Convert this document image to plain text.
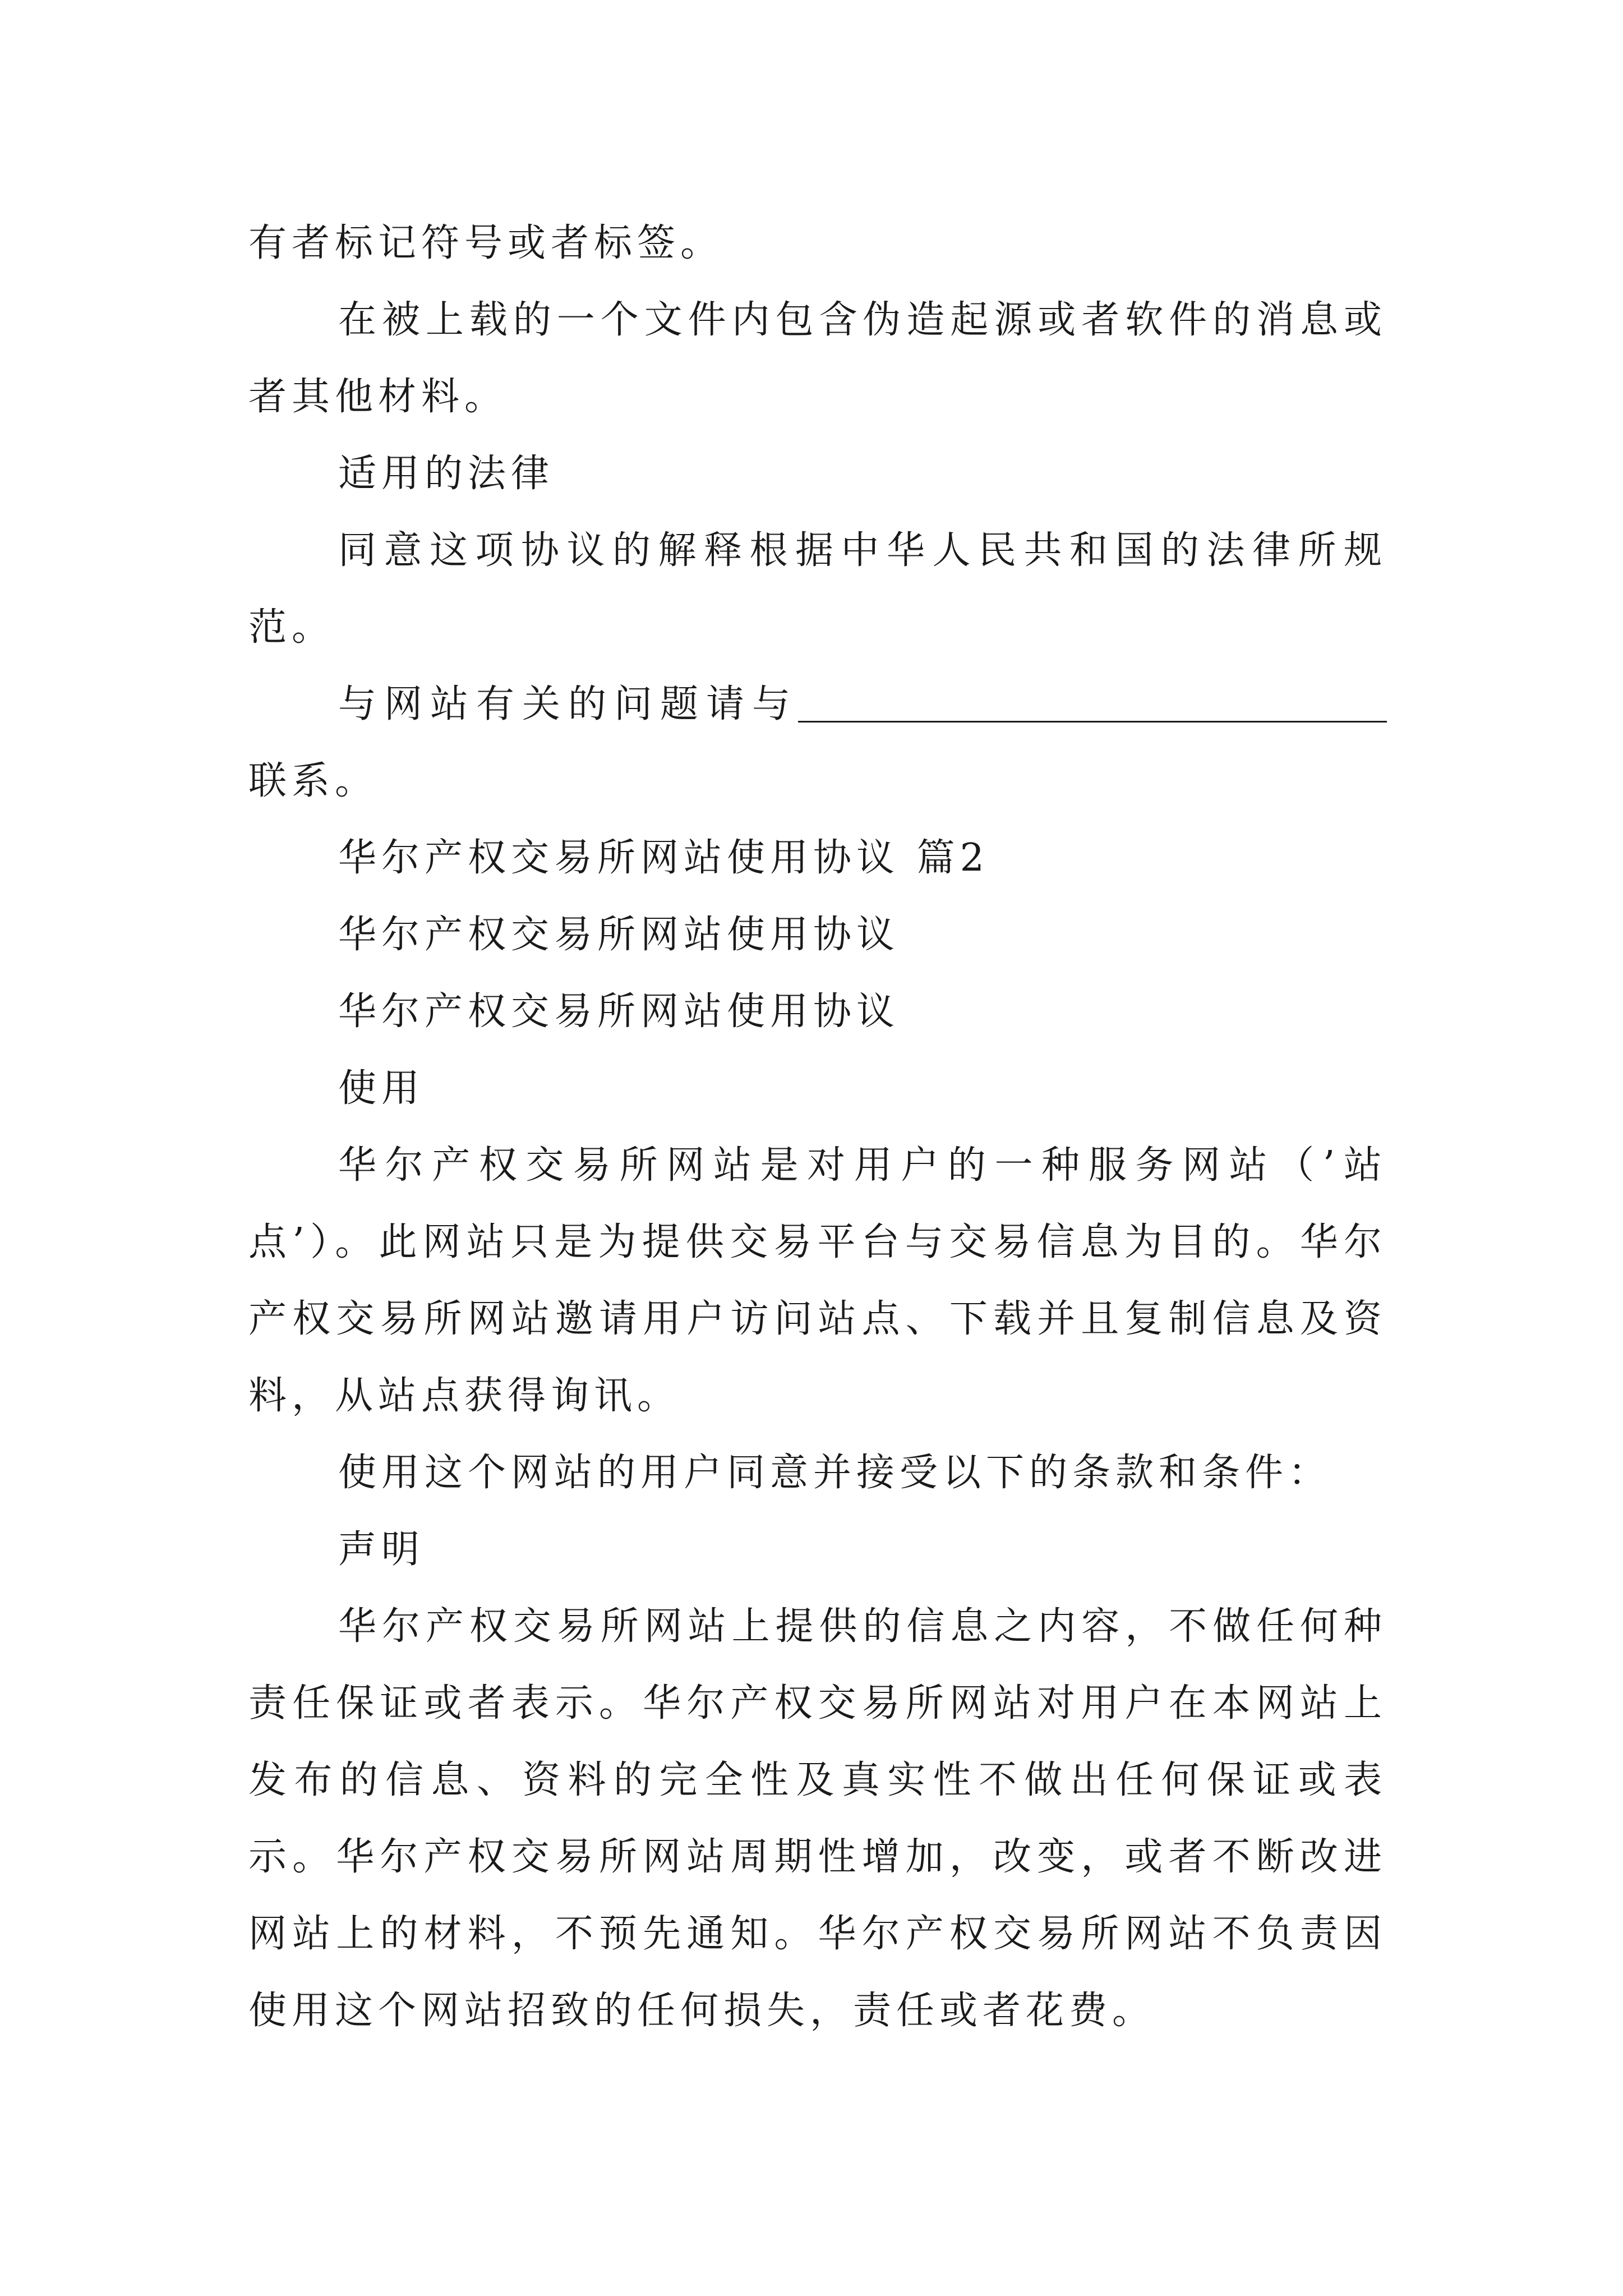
有者标记符号或者标签。

在被上载的一个文件内包含伪造起源或者软件的消息或者其他材料。

适用的法律

同意这项协议的解释根据中华人民共和国的法律所规范。

与网站有关的问题请与联系。

华尔产权交易所网站使用协议 篇2

华尔产权交易所网站使用协议

华尔产权交易所网站使用协议

使用

华尔产权交易所网站是对用户的一种服务网站（’站点’）。此网站只是为提供交易平台与交易信息为目的。华尔产权交易所网站邀请用户访问站点、下载并且复制信息及资料，从站点获得询讯。

使用这个网站的用户同意并接受以下的条款和条件：

声明

华尔产权交易所网站上提供的信息之内容，不做任何种责任保证或者表示。华尔产权交易所网站对用户在本网站上发布的信息、资料的完全性及真实性不做出任何保证或表示。华尔产权交易所网站周期性增加，改变，或者不断改进网站上的材料，不预先通知。华尔产权交易所网站不负责因使用这个网站招致的任何损失，责任或者花费。
